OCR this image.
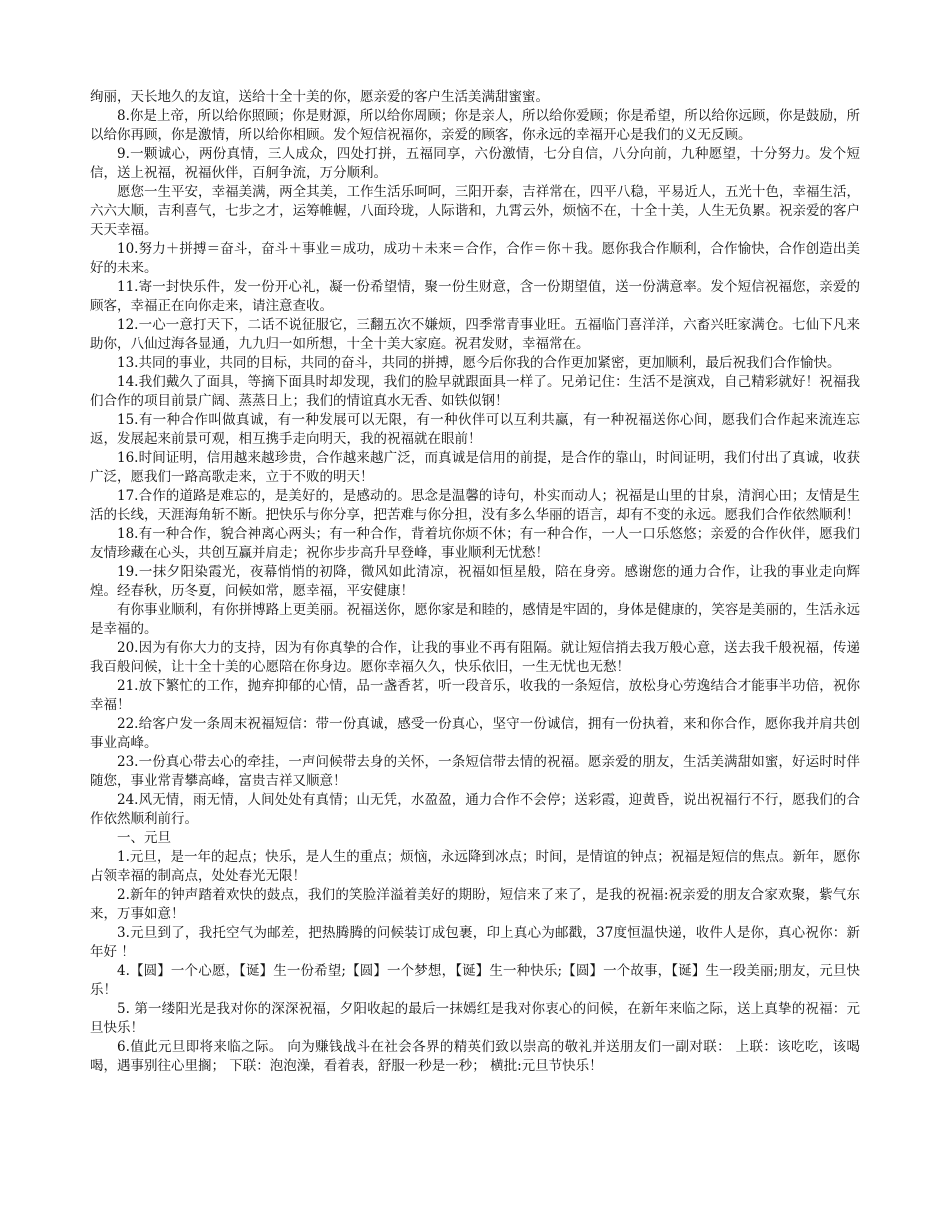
绚丽，天长地久的友谊，送给十全十美的你，愿亲爱的客户生活美满甜蜜蜜。

8.你是上帝，所以给你照顾；你是财源，所以给你周顾；你是亲人，所以给你爱顾；你是希望，所以给你远顾，你是鼓励，所以给你再顾，你是激情，所以给你相顾。发个短信祝福你，亲爱的顾客，你永远的幸福开心是我们的义无反顾。

9.一颗诚心，两份真情，三人成众，四处打拼，五福同享，六份激情，七分自信，八分向前，九种愿望，十分努力。发个短信，送上祝福，祝福伙伴，百舸争流，万分顺利。

愿您一生平安，幸福美满，两全其美，工作生活乐呵呵，三阳开泰，吉祥常在，四平八稳，平易近人，五光十色，幸福生活，六六大顺，吉利喜气，七步之才，运筹帷幄，八面玲珑，人际谐和，九霄云外，烦恼不在，十全十美，人生无负累。祝亲爱的客户天天幸福。

10.努力＋拼搏＝奋斗，奋斗＋事业＝成功，成功＋未来＝合作，合作＝你＋我。愿你我合作顺利，合作愉快，合作创造出美好的未来。

11.寄一封快乐件，发一份开心礼，凝一份希望情，聚一份生财意，含一份期望值，送一份满意率。发个短信祝福您，亲爱的顾客，幸福正在向你走来，请注意查收。

12.一心一意打天下，二话不说征服它，三翻五次不嫌烦，四季常青事业旺。五福临门喜洋洋，六畜兴旺家满仓。七仙下凡来助你，八仙过海各显通，九九归一如所想，十全十美大家庭。祝君发财，幸福常在。

13.共同的事业，共同的目标，共同的奋斗，共同的拼搏，愿今后你我的合作更加紧密，更加顺利，最后祝我们合作愉快。

14.我们戴久了面具，等摘下面具时却发现，我们的脸早就跟面具一样了。兄弟记住：生活不是演戏，自己精彩就好！祝福我们合作的项目前景广阔、蒸蒸日上；我们的情谊真水无香、如铁似钢！

15.有一种合作叫做真诚，有一种发展可以无限，有一种伙伴可以互利共赢，有一种祝福送你心间，愿我们合作起来流连忘返，发展起来前景可观，相互携手走向明天，我的祝福就在眼前！

16.时间证明，信用越来越珍贵，合作越来越广泛，而真诚是信用的前提，是合作的靠山，时间证明，我们付出了真诚，收获广泛，愿我们一路高歌走来，立于不败的明天！

17.合作的道路是难忘的，是美好的，是感动的。思念是温馨的诗句，朴实而动人；祝福是山里的甘泉，清润心田；友情是生活的长线，天涯海角斩不断。把快乐与你分享，把苦难与你分担，没有多么华丽的语言，却有不变的永远。愿我们合作依然顺利！

18.有一种合作，貌合神离心两头；有一种合作，背着坑你烦不休；有一种合作，一人一口乐悠悠；亲爱的合作伙伴，愿我们友情珍藏在心头，共创互赢并肩走；祝你步步高升早登峰，事业顺利无忧愁！

19.一抹夕阳染霞光，夜幕悄悄的初降，微风如此清凉，祝福如恒星般，陪在身旁。感谢您的通力合作，让我的事业走向辉煌。经春秋，历冬夏，问候如常，愿幸福，平安健康！

有你事业顺利，有你拼博路上更美丽。祝福送你，愿你家是和睦的，感情是牢固的，身体是健康的，笑容是美丽的，生活永远是幸福的。

20.因为有你大力的支持，因为有你真挚的合作，让我的事业不再有阻隔。就让短信捎去我万般心意，送去我千般祝福，传递我百般问候，让十全十美的心愿陪在你身边。愿你幸福久久，快乐依旧，一生无忧也无愁！

21.放下繁忙的工作，抛弃抑郁的心情，品一盏香茗，听一段音乐，收我的一条短信，放松身心劳逸结合才能事半功倍，祝你幸福！

22.给客户发一条周末祝福短信：带一份真诚，感受一份真心，坚守一份诚信，拥有一份执着，来和你合作，愿你我并肩共创事业高峰。

23.一份真心带去心的牵挂，一声问候带去身的关怀，一条短信带去情的祝福。愿亲爱的朋友，生活美满甜如蜜，好运时时伴随您，事业常青攀高峰，富贵吉祥又顺意！

24.风无情，雨无情，人间处处有真情；山无凭，水盈盈，通力合作不会停；送彩霞，迎黄昏，说出祝福行不行，愿我们的合作依然顺利前行。

一、元旦

1.元旦，是一年的起点；快乐，是人生的重点；烦恼，永远降到冰点；时间，是情谊的钟点；祝福是短信的焦点。新年，愿你占领幸福的制高点，处处春光无限！

2.新年的钟声踏着欢快的鼓点，我们的笑脸洋溢着美好的期盼，短信来了来了，是我的祝福:祝亲爱的朋友合家欢聚，紫气东来，万事如意！

3.元旦到了，我托空气为邮差，把热腾腾的问候装订成包裹，印上真心为邮戳，37度恒温快递，收件人是你，真心祝你：新年好 ！

4.【圆】一个心愿，【诞】生一份希望;【圆】一个梦想，【诞】生一种快乐;【圆】一个故事，【诞】生一段美丽;朋友，元旦快乐！

5. 第一缕阳光是我对你的深深祝福，夕阳收起的最后一抹嫣红是我对你衷心的问候，在新年来临之际，送上真挚的祝福：元旦快乐！

6.值此元旦即将来临之际。 向为赚钱战斗在社会各界的精英们致以崇高的敬礼并送朋友们一副对联： 上联：该吃吃，该喝喝，遇事别往心里搁； 下联：泡泡澡，看着表，舒服一秒是一秒； 横批:元旦节快乐！
